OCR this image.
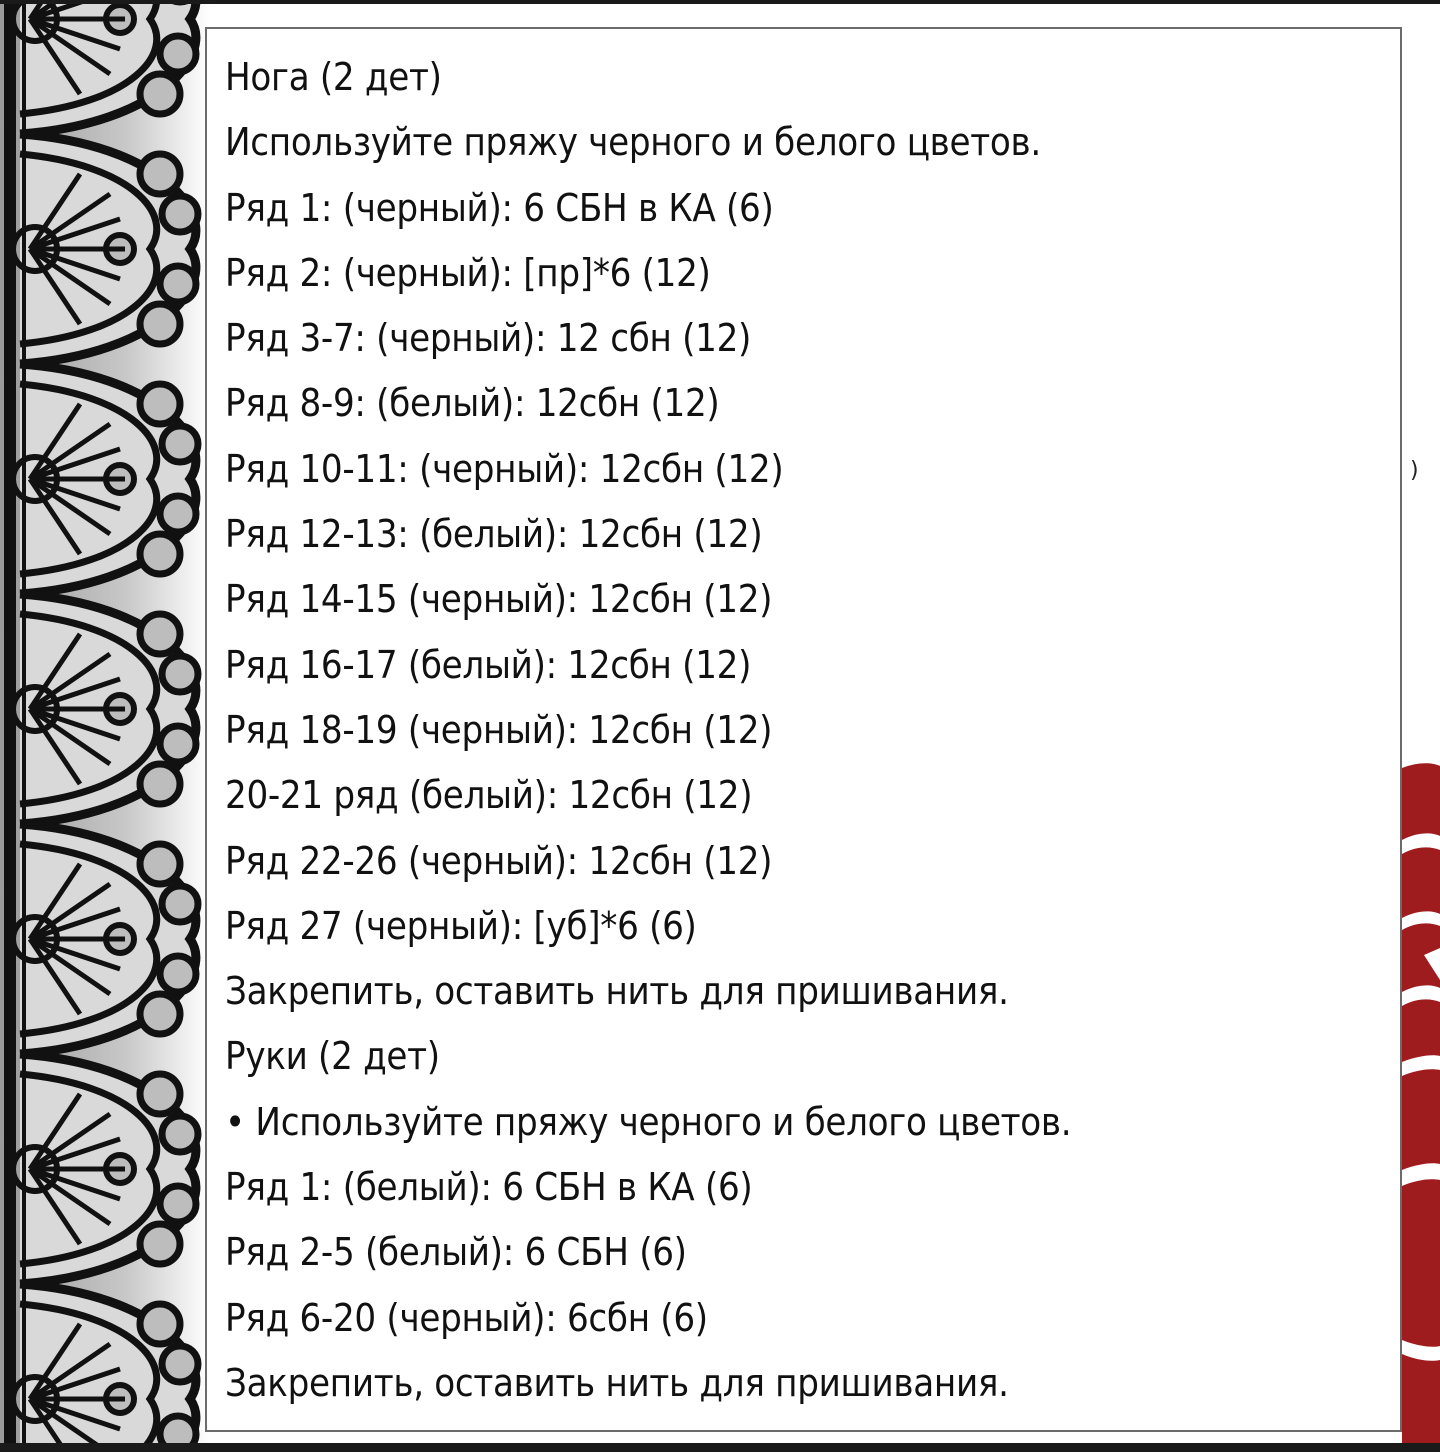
)
Нога (2 дет)
Используйте пряжу черного и белого цветов.
Ряд 1: (черный): 6 СБН в КА (6)
Ряд 2: (черный): [пр]*6 (12)
Ряд 3-7: (черный): 12 сбн (12)
Ряд 8-9: (белый): 12сбн (12)
Ряд 10-11: (черный): 12сбн (12)
Ряд 12-13: (белый): 12сбн (12)
Ряд 14-15 (черный): 12сбн (12)
Ряд 16-17 (белый): 12сбн (12)
Ряд 18-19 (черный): 12сбн (12)
20-21 ряд (белый): 12сбн (12)
Ряд 22-26 (черный): 12сбн (12)
Ряд 27 (черный): [уб]*6 (6)
Закрепить, оставить нить для пришивания.
Руки (2 дет)
• Используйте пряжу черного и белого цветов.
Ряд 1: (белый): 6 СБН в КА (6)
Ряд 2-5 (белый): 6 СБН (6)
Ряд 6-20 (черный): 6сбн (6)
Закрепить, оставить нить для пришивания.
